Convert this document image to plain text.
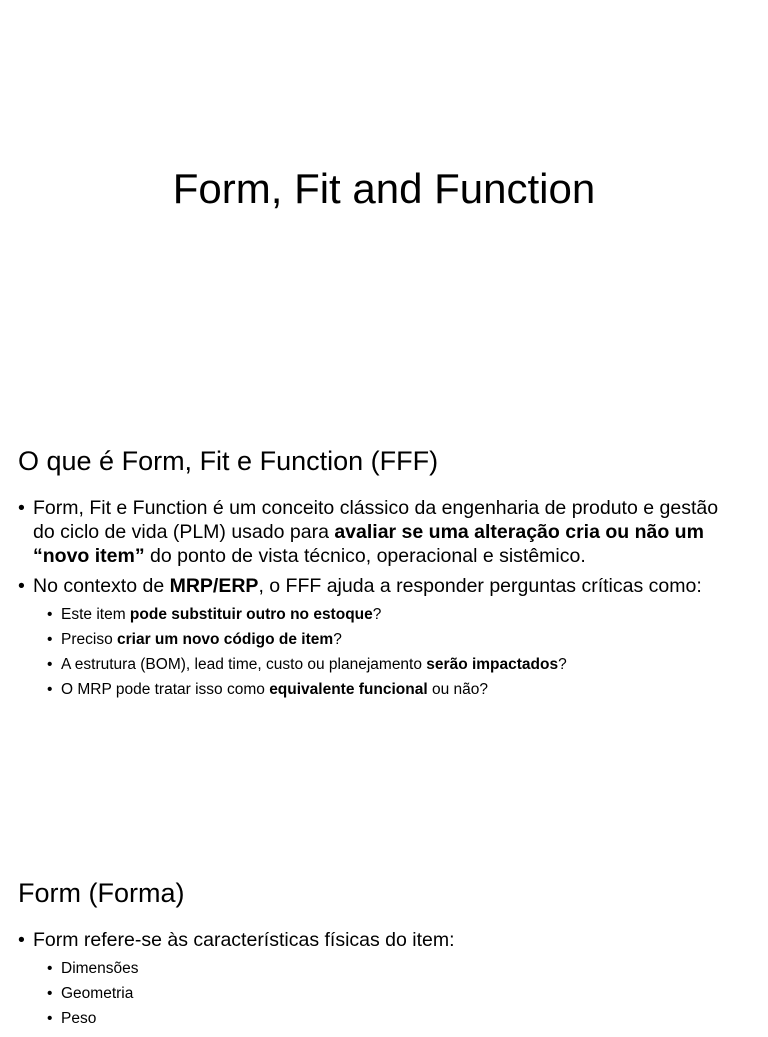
Form, Fit and Function
O que é Form, Fit e Function (FFF)
• Form, Fit e Function é um conceito clássico da engenharia de produto e gestão do ciclo de vida (PLM) usado para avaliar se uma alteração cria ou não um “novo item” do ponto de vista técnico, operacional e sistêmico.
• No contexto de MRP/ERP, o FFF ajuda a responder perguntas críticas como:
• Este item pode substituir outro no estoque?
• Preciso criar um novo código de item?
• A estrutura (BOM), lead time, custo ou planejamento serão impactados?
• O MRP pode tratar isso como equivalente funcional ou não?
Form (Forma)
• Form refere-se às características físicas do item:
• Dimensões
• Geometria
• Peso
